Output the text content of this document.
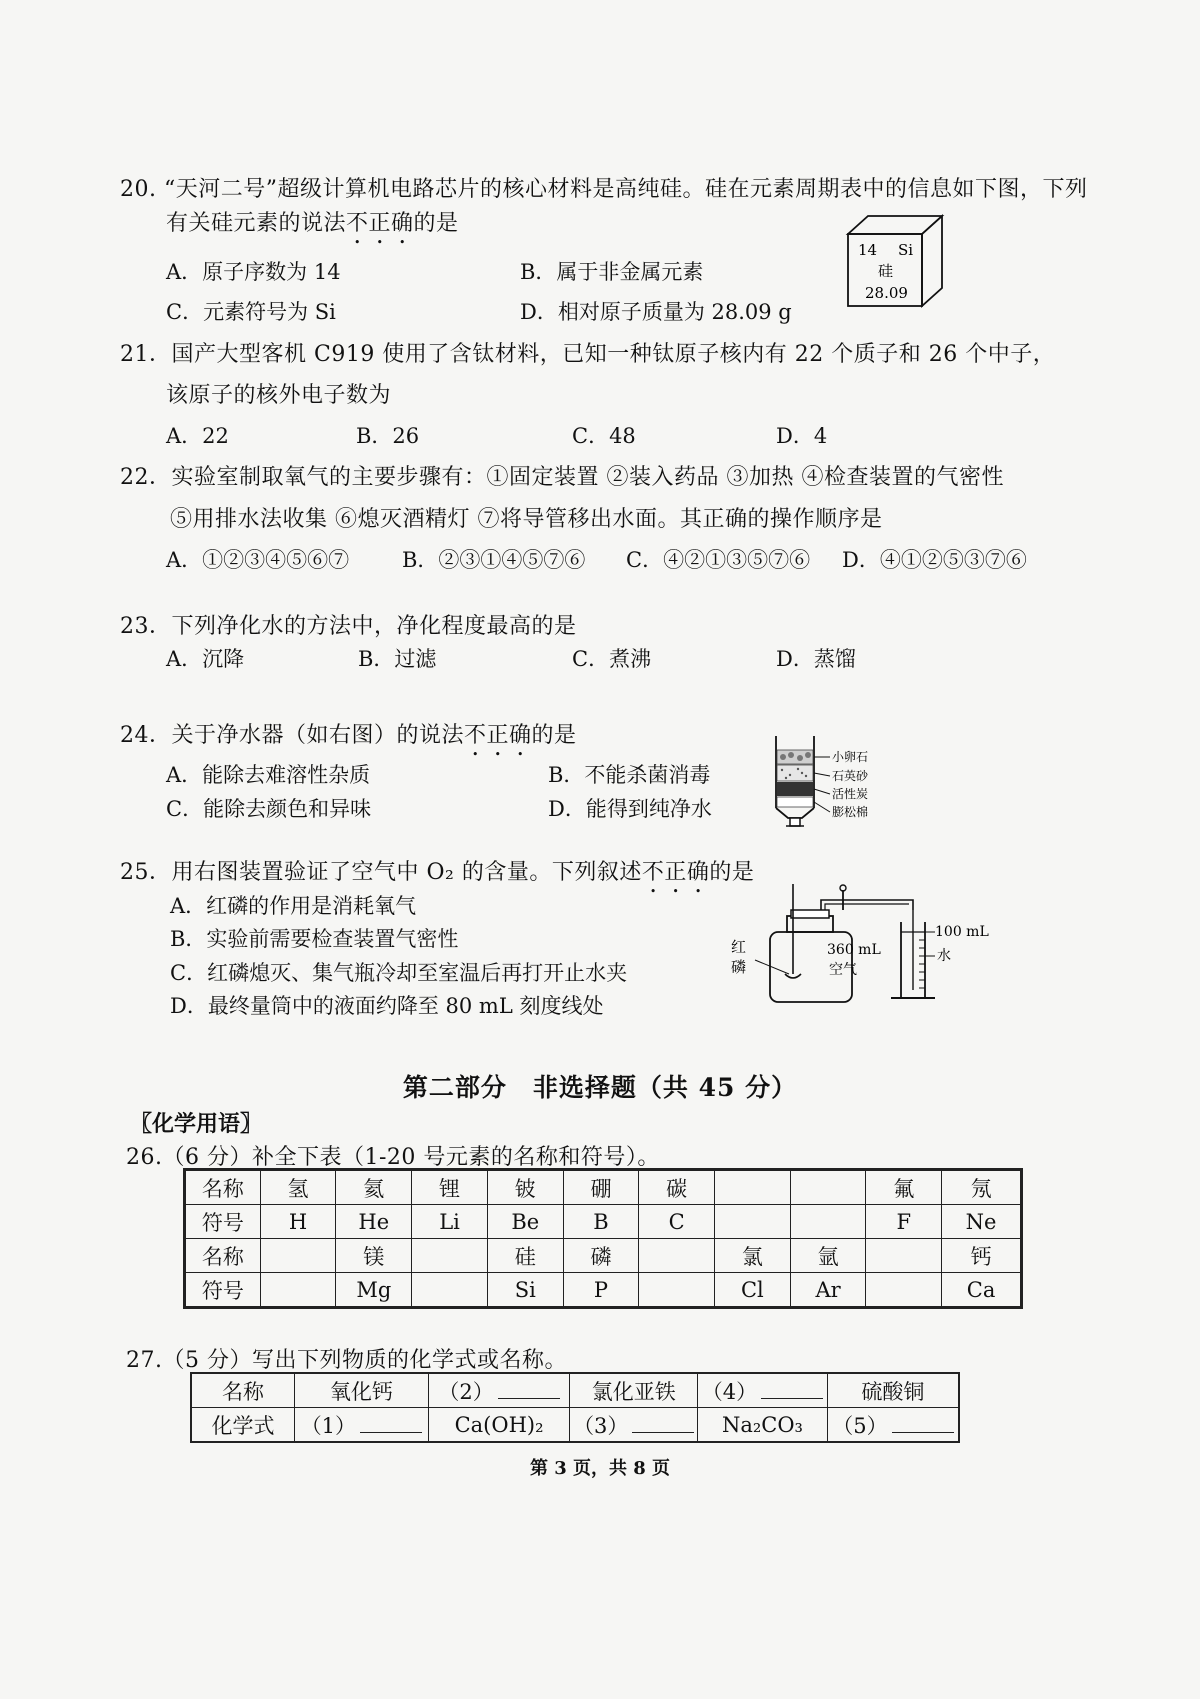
20. “天河二号”超级计算机电路芯片的核心材料是高纯硅。硅在元素周期表中的信息如下图，下列
有关硅元素的说法不正确的是
A．原子序数为 14	B．属于非金属元素
C．元素符号为 Si	D．相对原子质量为 28.09 g
14 Si
硅
28.09
21．国产大型客机 C919 使用了含钛材料，已知一种钛原子核内有 22 个质子和 26 个中子，
该原子的核外电子数为
A．22	B．26	C．48	D．4
22．实验室制取氧气的主要步骤有：①固定装置 ②装入药品 ③加热 ④检查装置的气密性
⑤用排水法收集 ⑥熄灭酒精灯 ⑦将导管移出水面。其正确的操作顺序是
A．①②③④⑤⑥⑦	B．②③①④⑤⑦⑥ C．④②①③⑤⑦⑥ D．④①②⑤③⑦⑥
23．下列净化水的方法中，净化程度最高的是
A．沉降	B．过滤	C．煮沸	D．蒸馏
24．关于净水器（如右图）的说法不正确的是
A．能除去难溶性杂质	B．不能杀菌消毒
C．能除去颜色和异味	D．能得到纯净水
小卵石
石英砂
活性炭
膨松棉
25．用右图装置验证了空气中 O₂ 的含量。下列叙述不正确的是
A．红磷的作用是消耗氧气
B．实验前需要检查装置气密性
C．红磷熄灭、集气瓶冷却至室温后再打开止水夹
D．最终量筒中的液面约降至 80 mL 刻度线处
红
磷
360 mL
空气
100 mL
水
第二部分　非选择题（共 45 分）
〖化学用语〗
26.（6 分）补全下表（1-20 号元素的名称和符号）。
名称	氢	氦	锂	铍	硼	碳			氟	氖
符号	H	He	Li	Be	B	C			F	Ne
名称		镁		硅	磷		氯	氩		钙
符号		Mg		Si	P		Cl	Ar		Ca
27.（5 分）写出下列物质的化学式或名称。
名称	氧化钙	（2）	氯化亚铁	（4）	硫酸铜
化学式	（1）	Ca(OH)₂	（3）	Na₂CO₃	（5）
第 3 页，共 8 页
